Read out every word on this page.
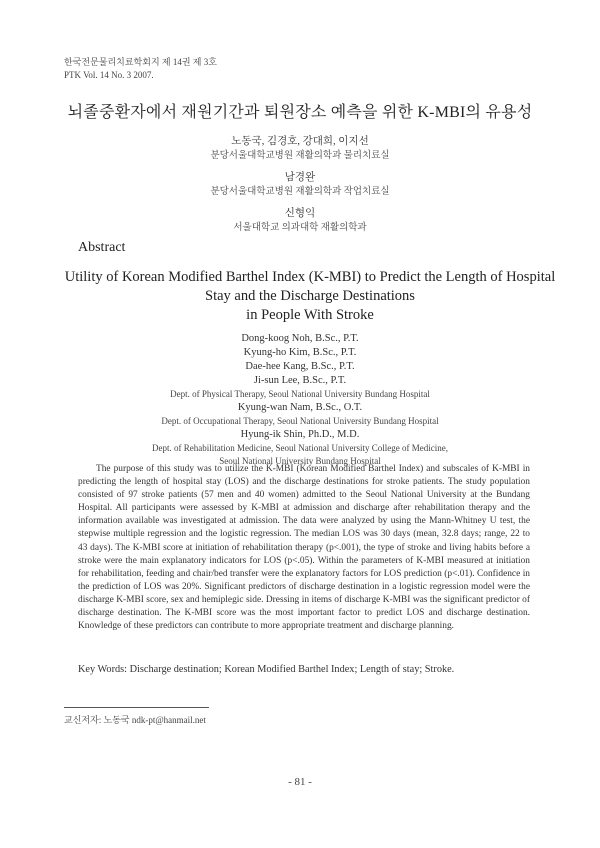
한국전문물리치료학회지 제 14권 제 3호
PTK Vol. 14 No. 3 2007.
뇌졸중환자에서 재원기간과 퇴원장소 예측을 위한 K-MBI의 유용성
노동국, 김경호, 강대희, 이지선
분당서울대학교병원 재활의학과 물리치료실
남경완
분당서울대학교병원 재활의학과 작업치료실
신형익
서울대학교 의과대학 재활의학과
Abstract
Utility of Korean Modified Barthel Index (K-MBI) to Predict the Length of Hospital
Stay and the Discharge Destinations
in People With Stroke
Dong-koog Noh, B.Sc., P.T.
Kyung-ho Kim, B.Sc., P.T.
Dae-hee Kang, B.Sc., P.T.
Ji-sun Lee, B.Sc., P.T.
Dept. of Physical Therapy, Seoul National University Bundang Hospital
Kyung-wan Nam, B.Sc., O.T.
Dept. of Occupational Therapy, Seoul National University Bundang Hospital
Hyung-ik Shin, Ph.D., M.D.
Dept. of Rehabilitation Medicine, Seoul National University College of Medicine,
Seoul National University Bundang Hospital

The purpose of this study was to utilize the K-MBI (Korean Modified Barthel Index) and subscales of K-MBI in predicting the length of hospital stay (LOS) and the discharge destinations for stroke patients. The study population consisted of 97 stroke patients (57 men and 40 women) admitted to the Seoul National University at the Bundang Hospital. All participants were assessed by K-MBI at admission and discharge after rehabilitation therapy and the information available was investigated at admission. The data were analyzed by using the Mann-Whitney U test, the stepwise multiple regression and the logistic regression. The median LOS was 30 days (mean, 32.8 days; range, 22 to 43 days). The K-MBI score at initiation of rehabilitation therapy (p<.001), the type of stroke and living habits before a stroke were the main explanatory indicators for LOS (p<.05). Within the parameters of K-MBI measured at initiation for rehabilitation, feeding and chair/bed transfer were the explanatory factors for LOS prediction (p<.01). Confidence in the prediction of LOS was 20%. Significant predictors of discharge destination in a logistic regression model were the discharge K-MBI score, sex and hemiplegic side. Dressing in items of discharge K-MBI was the significant predictor of discharge destination. The K-MBI score was the most important factor to predict LOS and discharge destination. Knowledge of these predictors can contribute to more appropriate treatment and discharge planning.

Key Words: Discharge destination; Korean Modified Barthel Index; Length of stay; Stroke.
교신저자: 노동국 ndk-pt@hanmail.net
- 81 -
